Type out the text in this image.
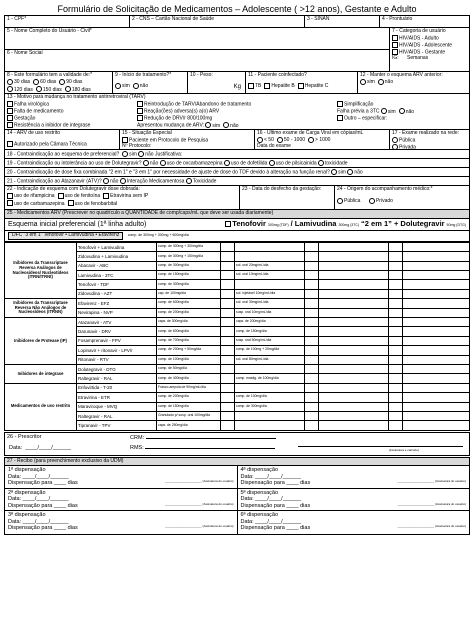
Formulário de Solicitação de Medicamentos – Adolescente ( >12 anos), Gestante e Adulto
1 - CPF*	2 - CNS – Cartão Nacional de Saúde	3 - SINAN	4 - Prontuário
5 - Nome Completo do Usuário - Civil*
6 - Nome Social
7 - Categoria de usuário
HIV/AIDS - Adulto
HIV/AIDS - Adolescente
HIV/AIDS - Gestante
IG: Semanas
8 - Este formulário tem a validade de:*
30 dias 60 dias 90 dias
120 dias 150 dias 180 dias
9 - Início de tratamento?*
sim não
10 - Peso:
Kg
11 - Paciente coinfectado?
TB Hepatite B Hepatite C
12 - Manter o esquema ARV anterior:
sim não
13 - Motivo para mudança no tratamento antirretroviral (TARV)
Falha virológica
Falta de medicamento
Gestação
Resistência a inibidor de integrase
Reintrodução de TARV/Abandono de tratamento
Reação(ões) adversa(s) a(o) ARV
Redução de DRV/r 800/100mg
Apresentou mudança de ARV: sim não
Simplificação
Falha prévia a 3TC sim não
Outro – especificar:
14 - ARV de uso restrito
Autorizado pela Câmara Técnica
15 - Situação Especial
Paciente em Protocolo de Pesquisa
Nº Protocolo:
16 - Último exame de Carga Viral em cópias/mL
< 50 50 - 1000 > 1000
Data do exame
17 - Exame realizado na rede:
Pública
Privada
18 - Contraindicação ao esquema de preferencial? sim não Justificativa:
19 - Contraindicação ou intolerância ao uso de Dolutegravir? não uso de oxcarbamazepina uso de dofetilida uso de pilsicainida toxicidade
20 - Contraindicação de dose fixa combinada "2 em 1" e "3 em 1" por necessidade de ajuste de dose do TDF devido à alteração na função renal? sim não
21 - Contraindicação ao Atazanavir (ATV)? não Interação Medicamentosa Toxicidade
22 - Indicação de esquema com Dolutegravir dose dobrada:
uso de rifampicina uso de fenitoína Etravirina sem IP
uso de carbamazepina uso de fenobarbital
23 - Data do desfecho da gestação:	24 - Origem do acompanhamento médico:*
Pública	Privado
25 - Medicamentos ARV (Prescrever no quadrículo a QUANTIDADE de comp/caps/mL que deve ser usada diariamente)
Esquema inicial preferencial (1ª linha adulto)	Tenofovir 300mg (TDF) / Lamivudina 300mg (3TC) “2 em 1” + Dolutegravir 50mg (DTG)
DFC “3 em 1” Tenofovir • Lamivudina • Efavirenz comp. de 300mg + 300mg + 600mg/dia
Inibidores da Transcriptase Reversa Análogos de Nucleosídeos/ Nucleotídeos (ITRN/ITRNt)	Tenofovir + Lamivudina	comp. de 300mg + 300mg/dia						
	Zidovudina + Lamivudina	comp. de 300mg + 150mg/dia						
	Abacavir - ABC	comp. de 300mg/dia		sol. oral 20mg/mL/dia				
	Lamivudina - 3TC	comp. de 150mg/dia		sol. oral 10mg/mL/dia				
	Tenofovir - TDF	comp. de 300mg/dia						
	Zidovudina - AZT	cap. de 100mg/dia		sol. injetável 10mg/mL/dia				
Inibidores da Transcriptase Reversa Não Análogos de Nucleosídeos (ITRNN)	Efavirenz - EFZ	comp. de 600mg/dia		sol. oral 30mg/mL/dia				
	Nevirapina - NVP	comp. de 200mg/dia		susp. oral 10mg/mL/dia				
Inibidores de Protease (IP)	Atazanavir - ATV	caps. de 300mg/dia		caps. de 200mg/dia				
	Darunavir - DRV	comp. de 600mg/dia		comp. de 150mg/dia				
	Fosamprenavir - FPV	comp. de 700mg/dia		susp. oral 50mg/mL/dia				
	Lopinavir + ritonavir - LPV/r	comp. de 200mg + 50mg/dia		comp. de 100mg + 25mg/dia				
	Ritonavir - RTV	comp. de 100mg/dia		sol. oral 80mg/mL/dia				
Inibidores de integrase	Dolutegravir - DTG	comp. de 50mg/dia						
	Raltegravir - RAL	comp. de 400mg/dia		comp. mastig. de 100mg/dia				
Medicamentos de uso restrito	Enfuvirtida - T-20	Frasco-ampola de 90mg/mL/dia						
	Etravirina - ETR	comp. de 200mg/dia		comp. de 100mg/dia				
	Maraviroque - MVQ	comp. de 150mg/dia		comp. de 300mg/dia				
	Raltegravir - RAL	Granulado p/ susp. oral 100mg/dia						
	Tipranavir - TPV	caps. de 250mg/dia						
26 - Prescritor
Data:  ____/____/______
CRM:
RMS:	(Assinatura e carimbo)
27 - Recibo (para preenchimento exclusivo da UDM)
1ª dispensação
Data: ____/____/______
Dispensação para ____ dias	______________________ (Assinatura do usuário)
2ª dispensação
Data: ____/____/______
Dispensação para ____ dias	______________________ (Assinatura do usuário)
3ª dispensação
Data: ____/____/______
Dispensação para ____ dias	______________________ (Assinatura do usuário)
4ª dispensação
Data: ____/____/______
Dispensação para ____ dias	______________________ (Assinatura do usuário)
5ª dispensação
Data: ____/____/______
Dispensação para ____ dias	______________________ (Assinatura do usuário)
6ª dispensação
Data: ____/____/______
Dispensação para ____ dias	______________________ (Assinatura do usuário)
